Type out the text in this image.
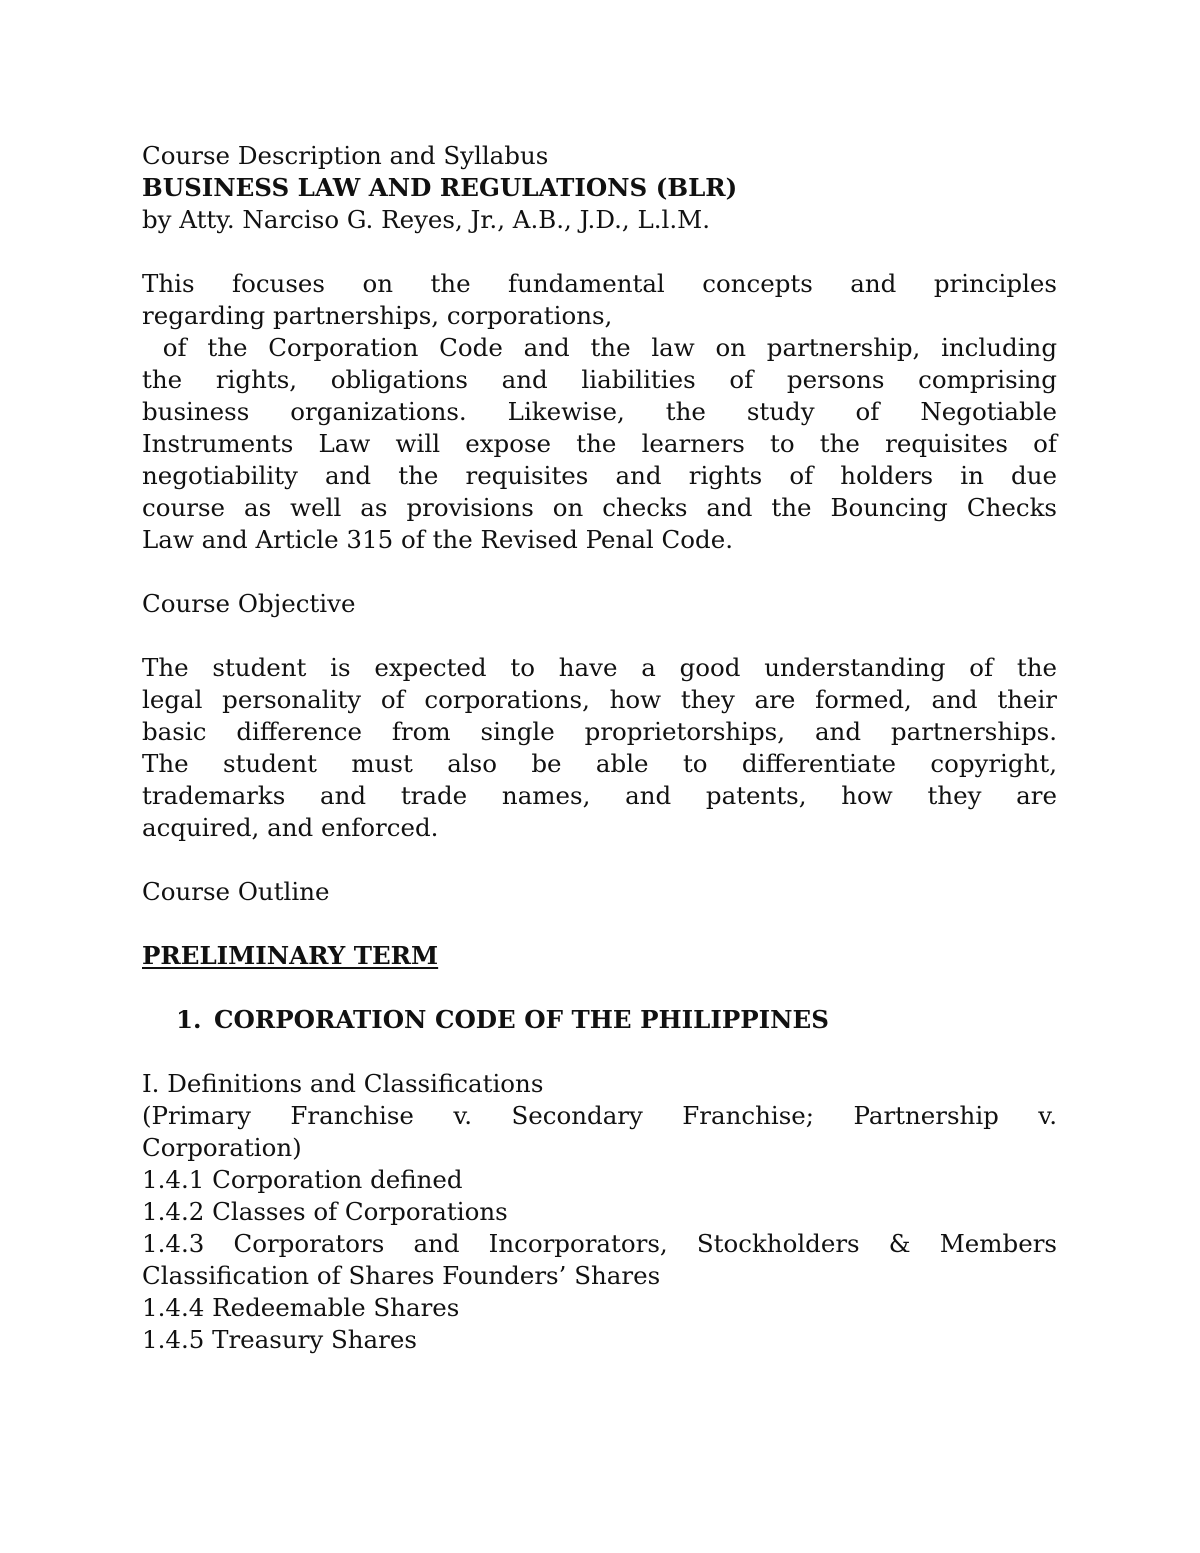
Course Description and Syllabus

BUSINESS LAW AND REGULATIONS (BLR)

by Atty. Narciso G. Reyes, Jr., A.B., J.D., L.l.M.

This focuses on the fundamental concepts and principles
regarding partnerships, corporations,
of the Corporation Code and the law on partnership, including
the rights, obligations and liabilities of persons comprising
business organizations. Likewise, the study of Negotiable
Instruments Law will expose the learners to the requisites of
negotiability and the requisites and rights of holders in due
course as well as provisions on checks and the Bouncing Checks
Law and Article 315 of the Revised Penal Code.

Course Objective

The student is expected to have a good understanding of the
legal personality of corporations, how they are formed, and their
basic difference from single proprietorships, and partnerships.
The student must also be able to differentiate copyright,
trademarks and trade names, and patents, how they are
acquired, and enforced.

Course Outline

PRELIMINARY TERM

1. CORPORATION CODE OF THE PHILIPPINES

I. Definitions and Classifications

(Primary Franchise v. Secondary Franchise; Partnership v.
Corporation)
1.4.1 Corporation defined
1.4.2 Classes of Corporations
1.4.3 Corporators and Incorporators, Stockholders & Members
Classification of Shares Founders’ Shares
1.4.4 Redeemable Shares
1.4.5 Treasury Shares
